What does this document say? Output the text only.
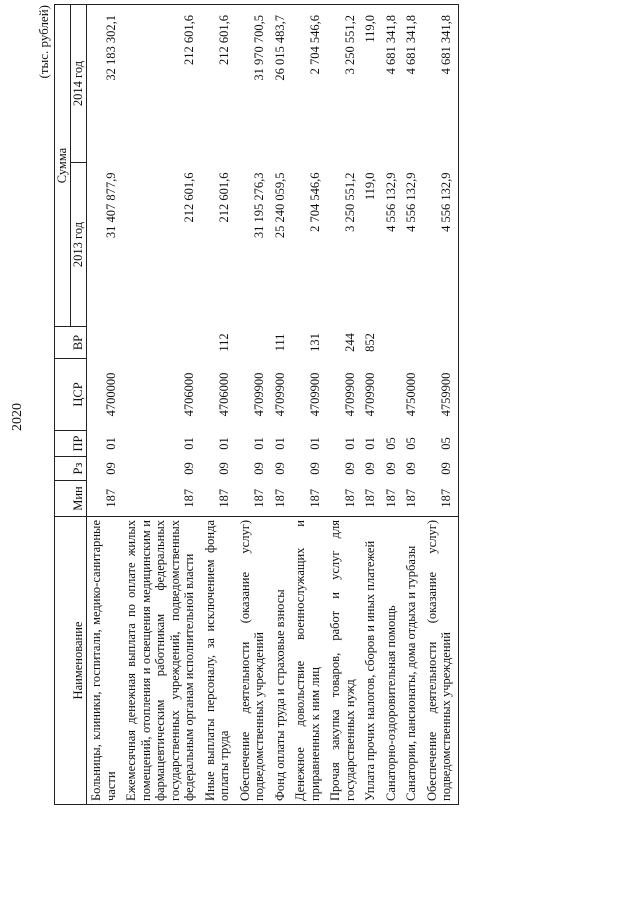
2020
(тыс. рублей)
Наименование	Мин	Рз	ПР	ЦСР	ВР	Сумма	
						2013 год	2014 год
Больницы, клиники, госпитали, медико-санитарные части	187	09	01	4700000		31 407 877,9	32 183 302,1
Ежемесячная денежная выплата по оплате жилых помещений, отопления и освещения медицинским и фармацевтическим работникам федеральных государственных учреждений, подведомственных федеральным органам исполнительной власти	187	09	01	4706000		212 601,6	212 601,6
Иные выплаты персоналу, за исключением фонда оплаты труда	187	09	01	4706000	112	212 601,6	212 601,6
Обеспечение деятельности (оказание услуг) подведомственных учреждений	187	09	01	4709900		31 195 276,3	31 970 700,5
Фонд оплаты труда и страховые взносы	187	09	01	4709900	111	25 240 059,5	26 015 483,7
Денежное довольствие военнослужащих и приравненных к ним лиц	187	09	01	4709900	131	2 704 546,6	2 704 546,6
Прочая закупка товаров, работ и услуг для государственных нужд	187	09	01	4709900	244	3 250 551,2	3 250 551,2
Уплата прочих налогов, сборов и иных платежей	187	09	01	4709900	852	119,0	119,0
Санаторно-оздоровительная помощь	187	09	05			4 556 132,9	4 681 341,8
Санатории, пансионаты, дома отдыха и турбазы	187	09	05	4750000		4 556 132,9	4 681 341,8
Обеспечение деятельности (оказание услуг) подведомственных учреждений	187	09	05	4759900		4 556 132,9	4 681 341,8
